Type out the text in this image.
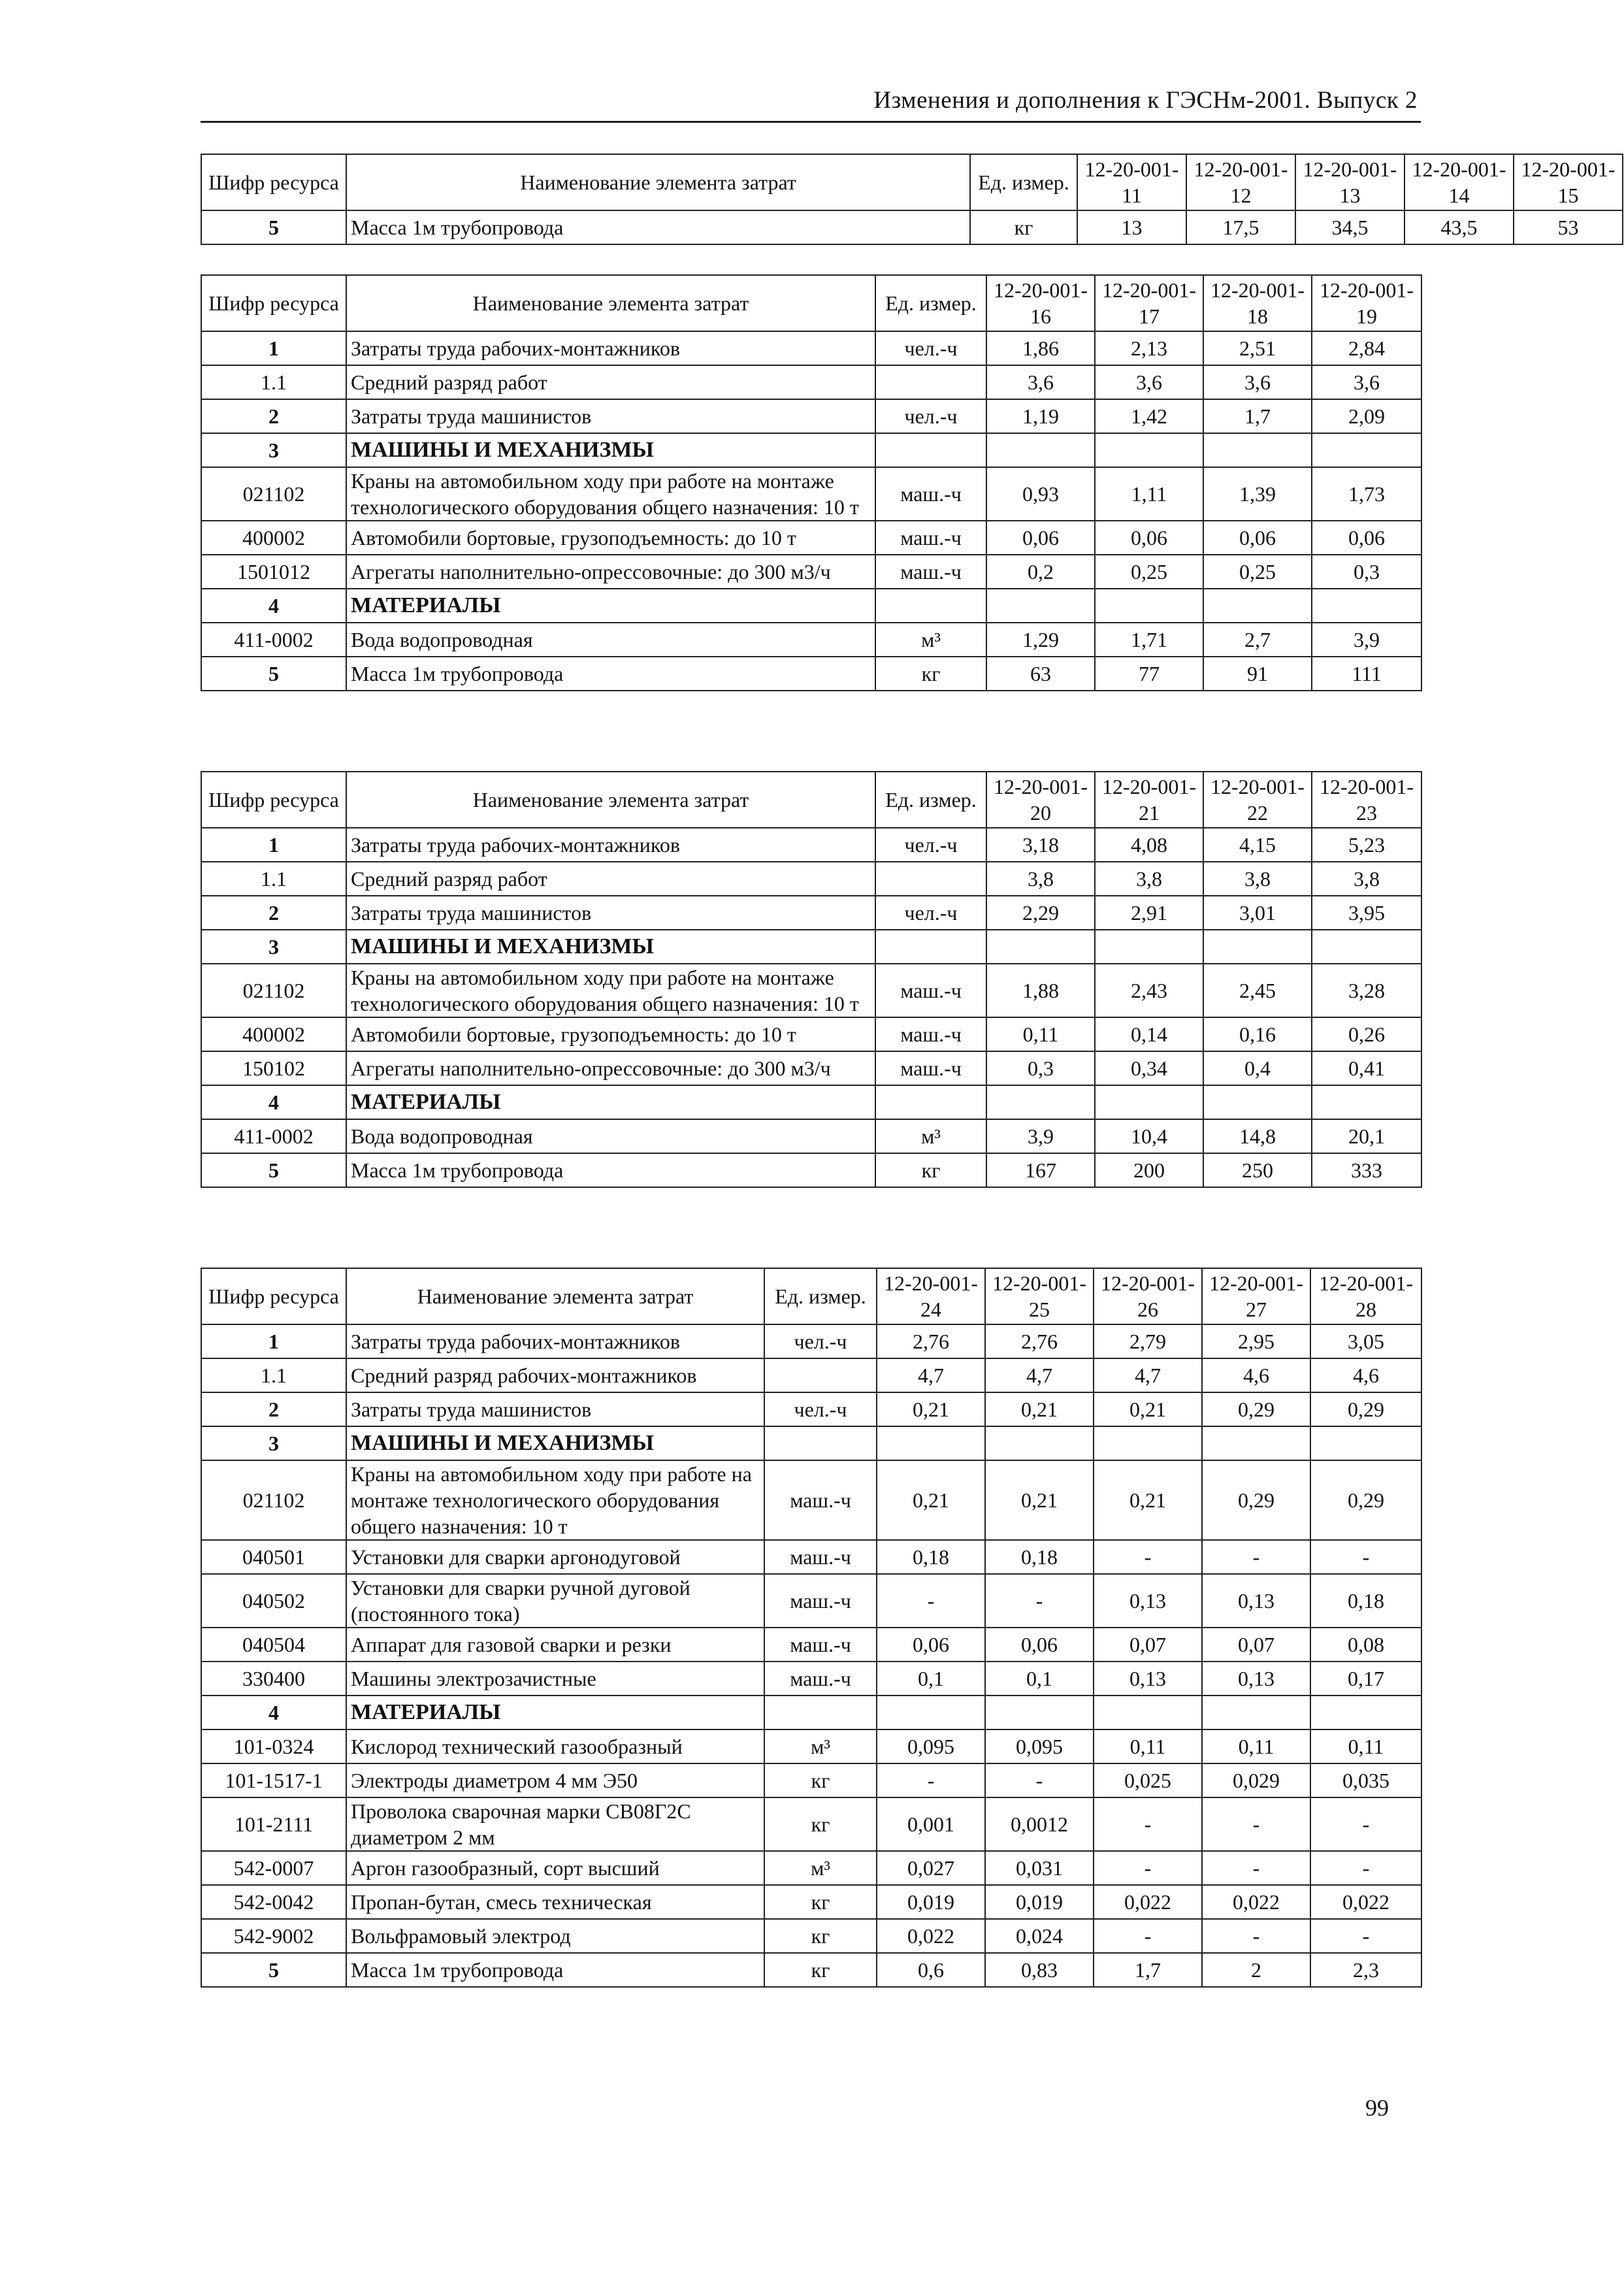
Изменения и дополнения к ГЭСНм-2001. Выпуск 2
Шифр ресурса	Наименование элемента затрат	Ед. измер.	12-20-001-11	12-20-001-12	12-20-001-13	12-20-001-14	12-20-001-15
5	Масса 1м трубопровода	кг	13	17,5	34,5	43,5	53
Шифр ресурса	Наименование элемента затрат	Ед. измер.	12-20-001-16	12-20-001-17	12-20-001-18	12-20-001-19
1	Затраты труда рабочих-монтажников	чел.-ч	1,86	2,13	2,51	2,84
1.1	Средний разряд работ		3,6	3,6	3,6	3,6
2	Затраты труда машинистов	чел.-ч	1,19	1,42	1,7	2,09
3	МАШИНЫ И МЕХАНИЗМЫ					
021102	Краны на автомобильном ходу при работе на монтаже технологического оборудования общего назначения: 10 т	маш.-ч	0,93	1,11	1,39	1,73
400002	Автомобили бортовые, грузоподъемность: до 10 т	маш.-ч	0,06	0,06	0,06	0,06
1501012	Агрегаты наполнительно-опрессовочные: до 300 м3/ч	маш.-ч	0,2	0,25	0,25	0,3
4	МАТЕРИАЛЫ					
411-0002	Вода водопроводная	м³	1,29	1,71	2,7	3,9
5	Масса 1м трубопровода	кг	63	77	91	111
Шифр ресурса	Наименование элемента затрат	Ед. измер.	12-20-001-20	12-20-001-21	12-20-001-22	12-20-001-23
1	Затраты труда рабочих-монтажников	чел.-ч	3,18	4,08	4,15	5,23
1.1	Средний разряд работ		3,8	3,8	3,8	3,8
2	Затраты труда машинистов	чел.-ч	2,29	2,91	3,01	3,95
3	МАШИНЫ И МЕХАНИЗМЫ					
021102	Краны на автомобильном ходу при работе на монтаже технологического оборудования общего назначения: 10 т	маш.-ч	1,88	2,43	2,45	3,28
400002	Автомобили бортовые, грузоподъемность: до 10 т	маш.-ч	0,11	0,14	0,16	0,26
150102	Агрегаты наполнительно-опрессовочные: до 300 м3/ч	маш.-ч	0,3	0,34	0,4	0,41
4	МАТЕРИАЛЫ					
411-0002	Вода водопроводная	м³	3,9	10,4	14,8	20,1
5	Масса 1м трубопровода	кг	167	200	250	333
Шифр ресурса	Наименование элемента затрат	Ед. измер.	12-20-001-24	12-20-001-25	12-20-001-26	12-20-001-27	12-20-001-28
1	Затраты труда рабочих-монтажников	чел.-ч	2,76	2,76	2,79	2,95	3,05
1.1	Средний разряд рабочих-монтажников		4,7	4,7	4,7	4,6	4,6
2	Затраты труда машинистов	чел.-ч	0,21	0,21	0,21	0,29	0,29
3	МАШИНЫ И МЕХАНИЗМЫ						
021102	Краны на автомобильном ходу при работе на монтаже технологического оборудования общего назначения: 10 т	маш.-ч	0,21	0,21	0,21	0,29	0,29
040501	Установки для сварки аргонодуговой	маш.-ч	0,18	0,18	-	-	-
040502	Установки для сварки ручной дуговой (постоянного тока)	маш.-ч	-	-	0,13	0,13	0,18
040504	Аппарат для газовой сварки и резки	маш.-ч	0,06	0,06	0,07	0,07	0,08
330400	Машины электрозачистные	маш.-ч	0,1	0,1	0,13	0,13	0,17
4	МАТЕРИАЛЫ						
101-0324	Кислород технический газообразный	м³	0,095	0,095	0,11	0,11	0,11
101-1517-1	Электроды диаметром 4 мм Э50	кг	-	-	0,025	0,029	0,035
101-2111	Проволока сварочная марки СВ08Г2С диаметром 2 мм	кг	0,001	0,0012	-	-	-
542-0007	Аргон газообразный, сорт высший	м³	0,027	0,031	-	-	-
542-0042	Пропан-бутан, смесь техническая	кг	0,019	0,019	0,022	0,022	0,022
542-9002	Вольфрамовый электрод	кг	0,022	0,024	-	-	-
5	Масса 1м трубопровода	кг	0,6	0,83	1,7	2	2,3
99
